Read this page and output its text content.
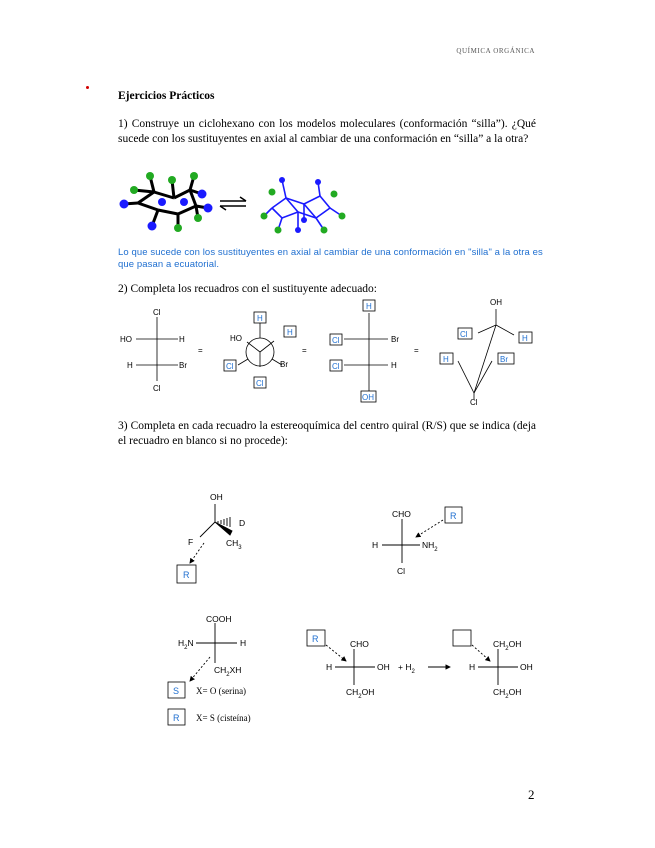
QUÍMICA ORGÁNICA
Ejercicios Prácticos
1) Construye un ciclohexano con los modelos moleculares (conformación “silla”). ¿Qué sucede con los sustituyentes en axial al cambiar de una conformación en “silla” a la otra?
Lo que sucede con los sustituyentes en axial al cambiar de una conformación en "silla" a la otra es que pasan a ecuatorial.
2) Completa los recuadros con el sustituyente adecuado:
Cl
HO	H
H	Br
Cl
=
HO
H
H
Br
Cl
Cl
=
H
Cl	Br
Cl	H
OH
=
OH
Cl	H
H	Br
Cl
3) Completa en cada recuadro la estereoquímica del centro quiral (R/S) que se indica (deja el recuadro en blanco si no procede):
OH
D
F	$CH_3$
R
CHO
H	$NH_2$
Cl
R
COOH
$H_2N$	H
$CH_2XH$
S X= O (serina)
R X= S (cisteína)
R	CHO
H	OH
$CH_2OH$
+ $H_2$
$CH_2OH$
H	OH
$CH_2OH$
2
